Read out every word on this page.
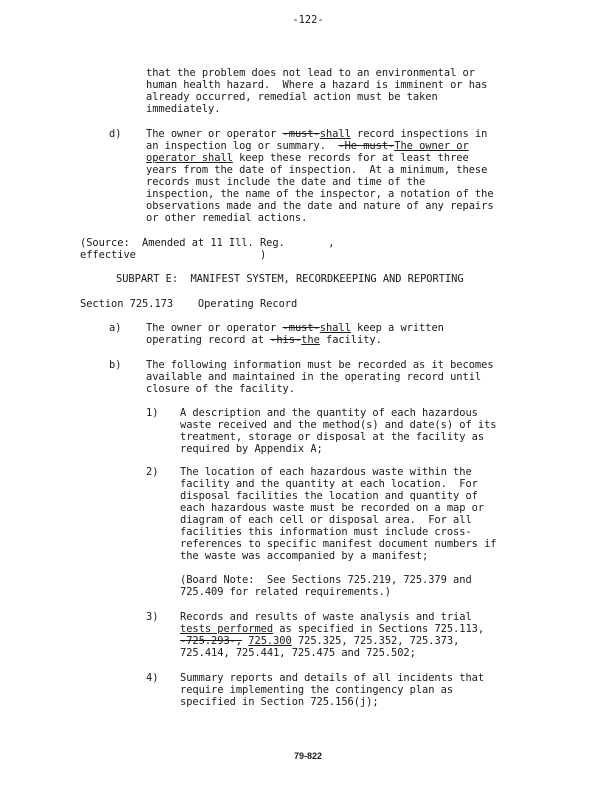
-122-
that the problem does not lead to an environmental or
human health hazard.  Where a hazard is imminent or has
already occurred, remedial action must be taken
immediately.
d) The owner or operator -must-shall record inspections in
an inspection log or summary.  -He must-The owner or
operator shall keep these records for at least three
years from the date of inspection.  At a minimum, these
records must include the date and time of the
inspection, the name of the inspector, a notation of the
observations made and the date and nature of any repairs
or other remedial actions.
(Source:  Amended at 11 Ill. Reg.       ,
effective                    )
SUBPART E:  MANIFEST SYSTEM, RECORDKEEPING AND REPORTING
Section 725.173    Operating Record
a) The owner or operator -must-shall keep a written
operating record at -his-the facility.
b) The following information must be recorded as it becomes
available and maintained in the operating record until
closure of the facility.
1) A description and the quantity of each hazardous
waste received and the method(s) and date(s) of its
treatment, storage or disposal at the facility as
required by Appendix A;
2) The location of each hazardous waste within the
facility and the quantity at each location.  For
disposal facilities the location and quantity of
each hazardous waste must be recorded on a map or
diagram of each cell or disposal area.  For all
facilities this information must include cross-
references to specific manifest document numbers if
the waste was accompanied by a manifest;
(Board Note:  See Sections 725.219, 725.379 and
725.409 for related requirements.)
3) Records and results of waste analysis and trial
tests performed as specified in Sections 725.113,
-725.293-, 725.300 725.325, 725.352, 725.373,
725.414, 725.441, 725.475 and 725.502;
4) Summary reports and details of all incidents that
require implementing the contingency plan as
specified in Section 725.156(j);
79-822
